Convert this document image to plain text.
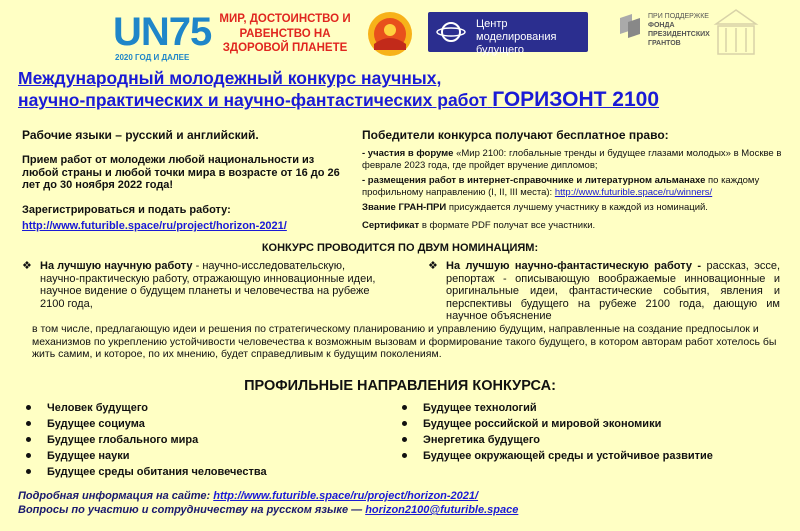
UN75
2020 ГОД И ДАЛЕЕ
МИР, ДОСТОИНСТВО И РАВЕНСТВО НА ЗДОРОВОЙ ПЛАНЕТЕ
Центр моделирования будущего
ПРИ ПОДДЕРЖКЕ
ФОНДА ПРЕЗИДЕНТСКИХ ГРАНТОВ
Международный молодежный конкурс научных,
научно-практических и научно-фантастических работ ГОРИЗОНТ 2100
Рабочие языки – русский и английский.
Прием работ от молодежи любой национальности из любой страны и любой точки мира в возрасте от 16 до 26 лет до 30 ноября 2022 года!
Зарегистрироваться и подать работу:
http://www.futurible.space/ru/project/horizon-2021/
Победители конкурса получают бесплатное право:
- участия в форуме «Мир 2100: глобальные тренды и будущее глазами молодых» в Москве в феврале 2023 года, где пройдет вручение дипломов;
- размещения работ в интернет-справочнике и литературном альманахе по каждому профильному направлению (I, II, III места): http://www.futurible.space/ru/winners/
Звание ГРАН-ПРИ присуждается лучшему участнику в каждой из номинаций.
Сертификат в формате PDF получат все участники.
КОНКУРС ПРОВОДИТСЯ ПО ДВУМ НОМИНАЦИЯМ:
❖ На лучшую научную работу - научно-исследовательскую, научно-практическую работу, отражающую инновационные идеи, научное видение о будущем планеты и человечества на рубеже 2100 года,
❖ На лучшую научно-фантастическую работу - рассказ, эссе, репортаж - описывающую воображаемые инновационные и оригинальные идеи, фантастические события, явления и перспективы будущего на рубеже 2100 года, дающую им научное объяснение
в том числе, предлагающую идеи и решения по стратегическому планированию и управлению будущим, направленные на создание предпосылок и механизмов по укреплению устойчивости человечества к возможным вызовам и формирование такого будущего, в котором авторам работ хотелось бы жить самим, и которое, по их мнению, будет справедливым к будущим поколениям.
ПРОФИЛЬНЫЕ НАПРАВЛЕНИЯ КОНКУРСА:
Человек будущего
Будущее социума
Будущее глобального мира
Будущее науки
Будущее среды обитания человечества
Будущее технологий
Будущее российской и мировой экономики
Энергетика будущего
Будущее окружающей среды и устойчивое развитие
Подробная информация на сайте: http://www.futurible.space/ru/project/horizon-2021/
Вопросы по участию и сотрудничеству на русском языке — horizon2100@futurible.space
